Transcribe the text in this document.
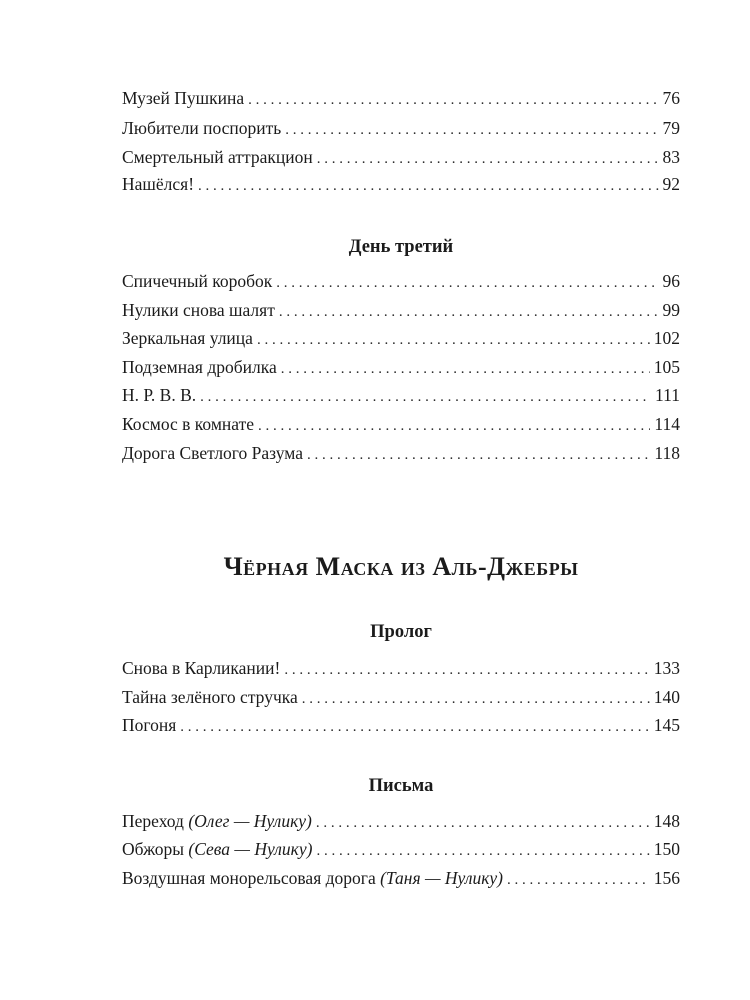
Музей Пушкина . . .	76
Любители поспорить . . .	79
Смертельный аттракцион . . .	83
Нашёлся! . . .	92
День третий
Спичечный коробок . . .	96
Нулики снова шалят . . .	99
Зеркальная улица . . .	102
Подземная дробилка . . .	105
Н. Р. В. В. . . .	111
Космос в комнате . . .	114
Дорога Светлого Разума . . .	118
Чёрная Маска из Аль-Джебры
Пролог
Снова в Карликании! . . .	133
Тайна зелёного стручка . . .	140
Погоня . . .	145
Письма
Переход (Олег — Нулику) . . .	148
Обжоры (Сева — Нулику) . . .	150
Воздушная монорельсовая дорога (Таня — Нулику) . . .	156
